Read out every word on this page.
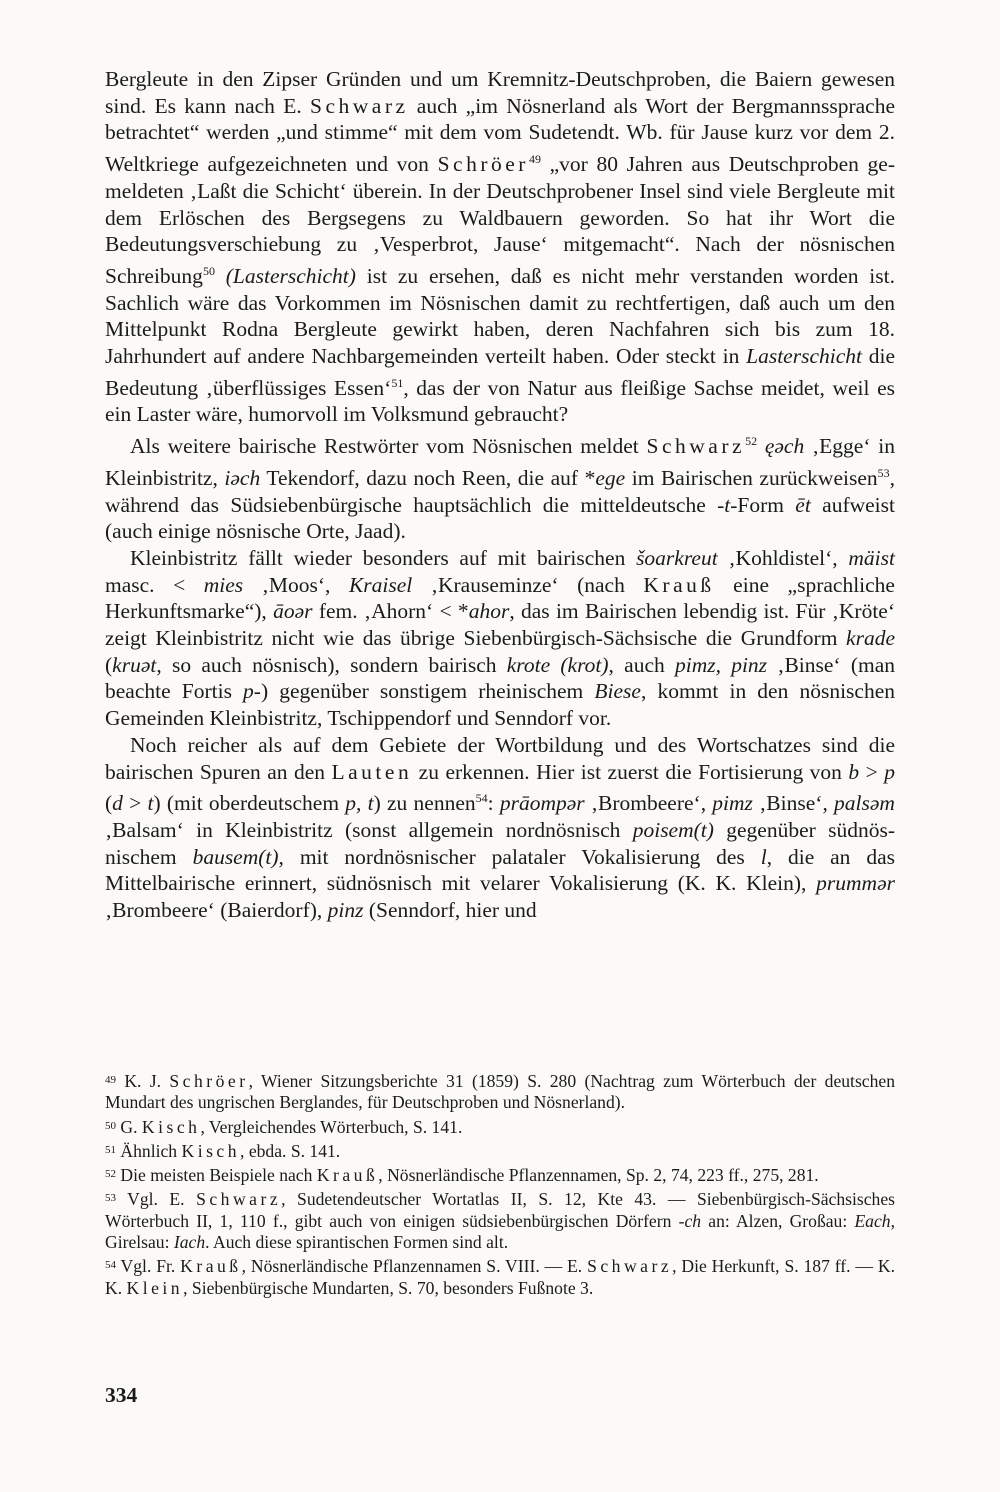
Bergleute in den Zipser Gründen und um Kremnitz-Deutschproben, die Baiern gewesen sind. Es kann nach E. Schwarz auch „im Nösnerland als Wort der Bergmannssprache betrachtet“ werden „und stimme“ mit dem vom Sudetendt. Wb. für Jause kurz vor dem 2. Weltkriege aufgezeichneten und von Schröer$^{49}$ „vor 80 Jahren aus Deutschproben gemeldeten ‚Laßt die Schicht‘ überein. In der Deutschprobener Insel sind viele Bergleute mit dem Erlöschen des Bergsegens zu Waldbauern geworden. So hat ihr Wort die Bedeutungsverschiebung zu ‚Vesperbrot, Jause‘ mitgemacht“. Nach der nösnischen Schreibung$^{50}$ (Lasterschicht) ist zu ersehen, daß es nicht mehr verstanden worden ist. Sachlich wäre das Vorkommen im Nösnischen damit zu rechtfertigen, daß auch um den Mittelpunkt Rodna Bergleute gewirkt haben, deren Nachfahren sich bis zum 18. Jahrhundert auf andere Nachbargemeinden verteilt haben. Oder steckt in Lasterschicht die Bedeutung ‚überflüssiges Essen‘$^{51}$, das der von Natur aus fleißige Sachse meidet, weil es ein Laster wäre, humorvoll im Volksmund gebraucht?

Als weitere bairische Restwörter vom Nösnischen meldet Schwarz$^{52}$ ęəch ‚Egge‘ in Kleinbistritz, iəch Tekendorf, dazu noch Reen, die auf *ege im Bairischen zurückweisen$^{53}$, während das Südsiebenbürgische hauptsächlich die mitteldeutsche -t-Form ēt aufweist (auch einige nösnische Orte, Jaad).

Kleinbistritz fällt wieder besonders auf mit bairischen šoarkreut ‚Kohldistel‘, mäist masc. < mies ‚Moos‘, Kraisel ‚Krauseminze‘ (nach Krauß eine „sprachliche Herkunftsmarke“), āoər fem. ‚Ahorn‘ < *ahor, das im Bairischen lebendig ist. Für ‚Kröte‘ zeigt Kleinbistritz nicht wie das übrige Siebenbürgisch-Sächsische die Grundform krade (kruət, so auch nösnisch), sondern bairisch krote (krot), auch pimz, pinz ‚Binse‘ (man beachte Fortis p-) gegenüber sonstigem rheinischem Biese, kommt in den nösnischen Gemeinden Kleinbistritz, Tschippendorf und Senndorf vor.

Noch reicher als auf dem Gebiete der Wortbildung und des Wortschatzes sind die bairischen Spuren an den Lauten zu erkennen. Hier ist zuerst die Fortisierung von b > p (d > t) (mit oberdeutschem p, t) zu nennen$^{54}$: prāompər ‚Brombeere‘, pimz ‚Binse‘, palsəm ‚Balsam‘ in Kleinbistritz (sonst allgemein nordnösnisch poisem(t) gegenüber südnösnischem bausem(t), mit nordnösnischer palataler Vokalisierung des l, die an das Mittelbairische erinnert, südnösnisch mit velarer Vokalisierung (K. K. Klein), prummər ‚Brombeere‘ (Baierdorf), pinz (Senndorf, hier und

$^{49}$ K. J. Schröer, Wiener Sitzungsberichte 31 (1859) S. 280 (Nachtrag zum Wörterbuch der deutschen Mundart des ungrischen Berglandes, für Deutschproben und Nösnerland).

$^{50}$ G. Kisch, Vergleichendes Wörterbuch, S. 141.

$^{51}$ Ähnlich Kisch, ebda. S. 141.

$^{52}$ Die meisten Beispiele nach Krauß, Nösnerländische Pflanzennamen, Sp. 2, 74, 223 ff., 275, 281.

$^{53}$ Vgl. E. Schwarz, Sudetendeutscher Wortatlas II, S. 12, Kte 43. — Siebenbürgisch-Sächsisches Wörterbuch II, 1, 110 f., gibt auch von einigen südsiebenbürgischen Dörfern -ch an: Alzen, Großau: Each, Girelsau: Iach. Auch diese spirantischen Formen sind alt.

$^{54}$ Vgl. Fr. Krauß, Nösnerländische Pflanzennamen S. VIII. — E. Schwarz, Die Herkunft, S. 187 ff. — K. K. Klein, Siebenbürgische Mundarten, S. 70, besonders Fußnote 3.

334
